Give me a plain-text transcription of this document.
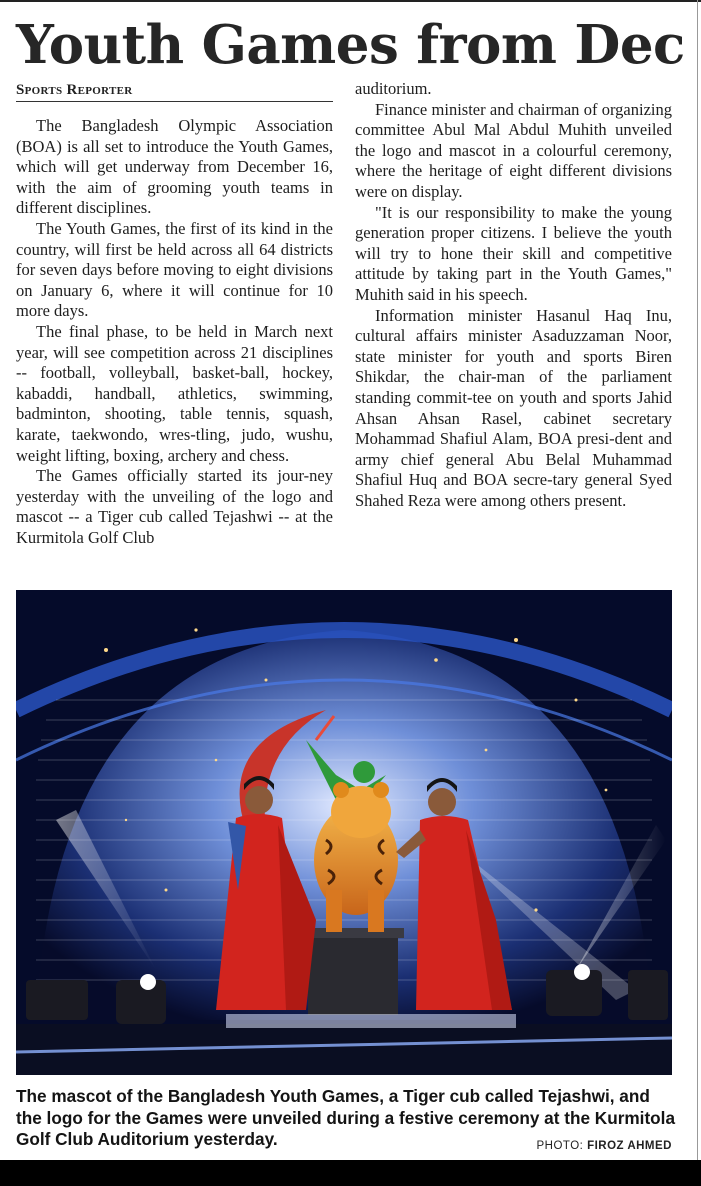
Youth Games from Dec
Sports Reporter

The Bangladesh Olympic Association (BOA) is all set to introduce the Youth Games, which will get underway from December 16, with the aim of grooming youth teams in different disciplines.

The Youth Games, the first of its kind in the country, will first be held across all 64 districts for seven days before moving to eight divisions on January 6, where it will continue for 10 more days.

The final phase, to be held in March next year, will see competition across 21 disciplines -- football, volleyball, basket-ball, hockey, kabaddi, handball, athletics, swimming, badminton, shooting, table tennis, squash, karate, taekwondo, wres-tling, judo, wushu, weight lifting, boxing, archery and chess.

The Games officially started its jour-ney yesterday with the unveiling of the logo and mascot -- a Tiger cub called Tejashwi -- at the Kurmitola Golf Club

auditorium.

Finance minister and chairman of organizing committee Abul Mal Abdul Muhith unveiled the logo and mascot in a colourful ceremony, where the heritage of eight different divisions were on display.

"It is our responsibility to make the young generation proper citizens. I believe the youth will try to hone their skill and competitive attitude by taking part in the Youth Games," Muhith said in his speech.

Information minister Hasanul Haq Inu, cultural affairs minister Asaduzzaman Noor, state minister for youth and sports Biren Shikdar, the chair-man of the parliament standing commit-tee on youth and sports Jahid Ahsan Ahsan Rasel, cabinet secretary Mohammad Shafiul Alam, BOA presi-dent and army chief general Abu Belal Muhammad Shafiul Huq and BOA secre-tary general Syed Shahed Reza were among others present.

The mascot of the Bangladesh Youth Games, a Tiger cub called Tejashwi, and the logo for the Games were unveiled during a festive ceremony at the Kurmitola Golf Club Auditorium yesterday.	PHOTO: FIROZ AHMED
